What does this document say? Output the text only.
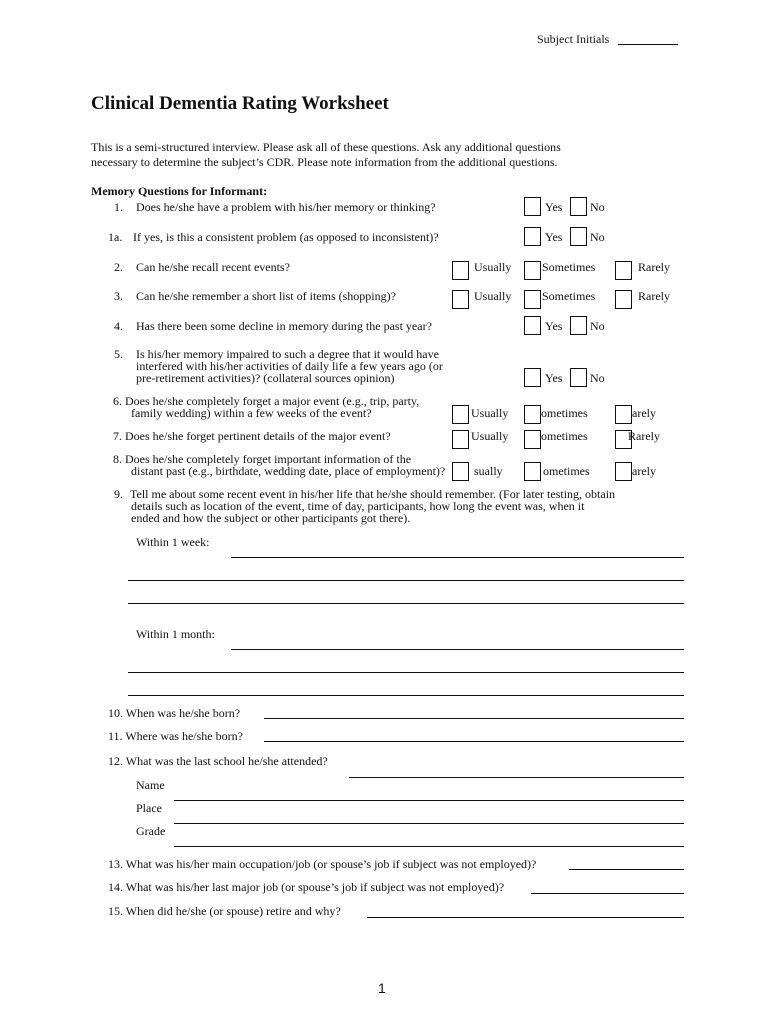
Subject Initials
Clinical Dementia Rating Worksheet
This is a semi-structured interview. Please ask all of these questions. Ask any additional questions
necessary to determine the subject’s CDR. Please note information from the additional questions.
Memory Questions for Informant:
1. Does he/she have a problem with his/her memory or thinking?	Yes No
1a. If yes, is this a consistent problem (as opposed to inconsistent)?	Yes No
2. Can he/she recall recent events?	Usually	Sometimes	Rarely
3. Can he/she remember a short list of items (shopping)?	Usually	Sometimes	Rarely
4. Has there been some decline in memory during the past year?	Yes No
5. Is his/her memory impaired to such a degree that it would have
interfered with his/her activities of daily life a few years ago (or
pre-retirement activities)? (collateral sources opinion)	Yes No
6. Does he/she completely forget a major event (e.g., trip, party,
family wedding) within a few weeks of the event?	Usually	ometimes	arely
7. Does he/she forget pertinent details of the major event?	Usually	ometimes	Rarely
8. Does he/she completely forget important information of the
distant past (e.g., birthdate, wedding date, place of employment)? sually	ometimes	arely
9. Tell me about some recent event in his/her life that he/she should remember. (For later testing, obtain
details such as location of the event, time of day, participants, how long the event was, when it
ended and how the subject or other participants got there).
Within 1 week:
Within 1 month:
10. When was he/she born?
11. Where was he/she born?
12. What was the last school he/she attended?
Name
Place
Grade
13. What was his/her main occupation/job (or spouse’s job if subject was not employed)?
14. What was his/her last major job (or spouse’s job if subject was not employed)?
15. When did he/she (or spouse) retire and why?
1
